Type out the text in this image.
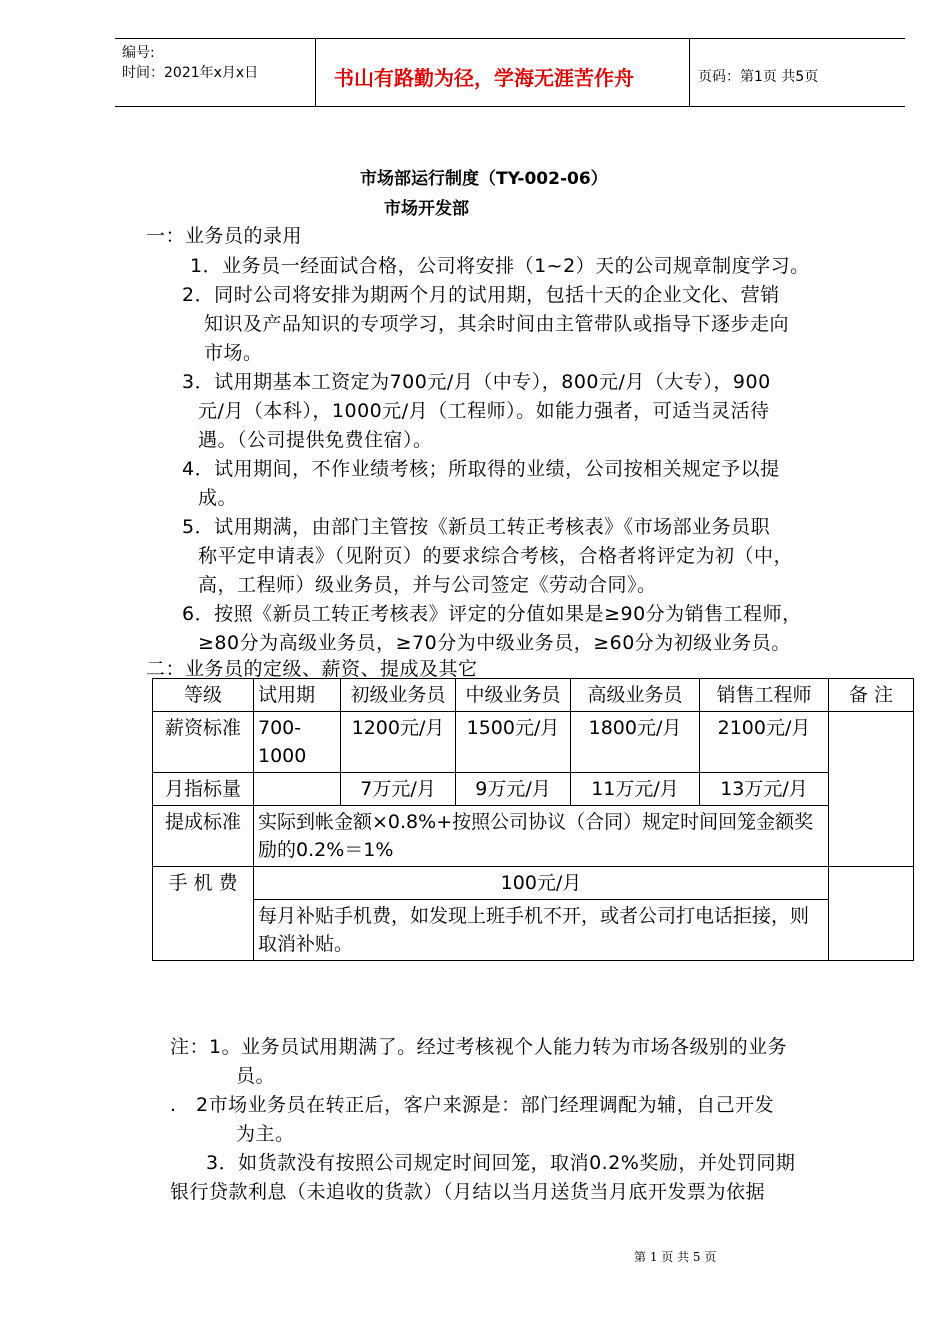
编号:
时间：2021年x月x日	书山有路勤为径，学海无涯苦作舟	页码：第1页 共5页
市场部运行制度（TY-002-06）
市场开发部
一：业务员的录用
1．业务员一经面试合格，公司将安排（1~2）天的公司规章制度学习。
2．同时公司将安排为期两个月的试用期，包括十天的企业文化、营销
知识及产品知识的专项学习，其余时间由主管带队或指导下逐步走向
市场。
3．试用期基本工资定为700元/月（中专），800元/月（大专），900
元/月（本科），1000元/月（工程师）。如能力强者，可适当灵活待
遇。（公司提供免费住宿）。
4．试用期间，不作业绩考核；所取得的业绩，公司按相关规定予以提
成。
5．试用期满，由部门主管按《新员工转正考核表》《市场部业务员职
称平定申请表》（见附页）的要求综合考核，合格者将评定为初（中，
高，工程师）级业务员，并与公司签定《劳动合同》。
6．按照《新员工转正考核表》评定的分值如果是≥90分为销售工程师，
≥80分为高级业务员，≥70分为中级业务员，≥60分为初级业务员。
二：业务员的定级、薪资、提成及其它
等级	试用期	初级业务员	中级业务员	高级业务员	销售工程师	备 注
薪资标准	700-1000	1200元/月	1500元/月	1800元/月	2100元/月	
月指标量		7万元/月	9万元/月	11万元/月	13万元/月	
提成标准	实际到帐金额×0.8%+按照公司协议（合同）规定时间回笼金额奖励的0.2%＝1%					
手 机 费	100元/月					
	每月补贴手机费，如发现上班手机不开，或者公司打电话拒接，则取消补贴。					
注：1。业务员试用期满了。经过考核视个人能力转为市场各级别的业务
员。
.　2市场业务员在转正后，客户来源是：部门经理调配为辅，自己开发
为主。
3．如货款没有按照公司规定时间回笼，取消0.2%奖励，并处罚同期
银行贷款利息（未追收的货款）（月结以当月送货当月底开发票为依据
第 1 页 共 5 页
